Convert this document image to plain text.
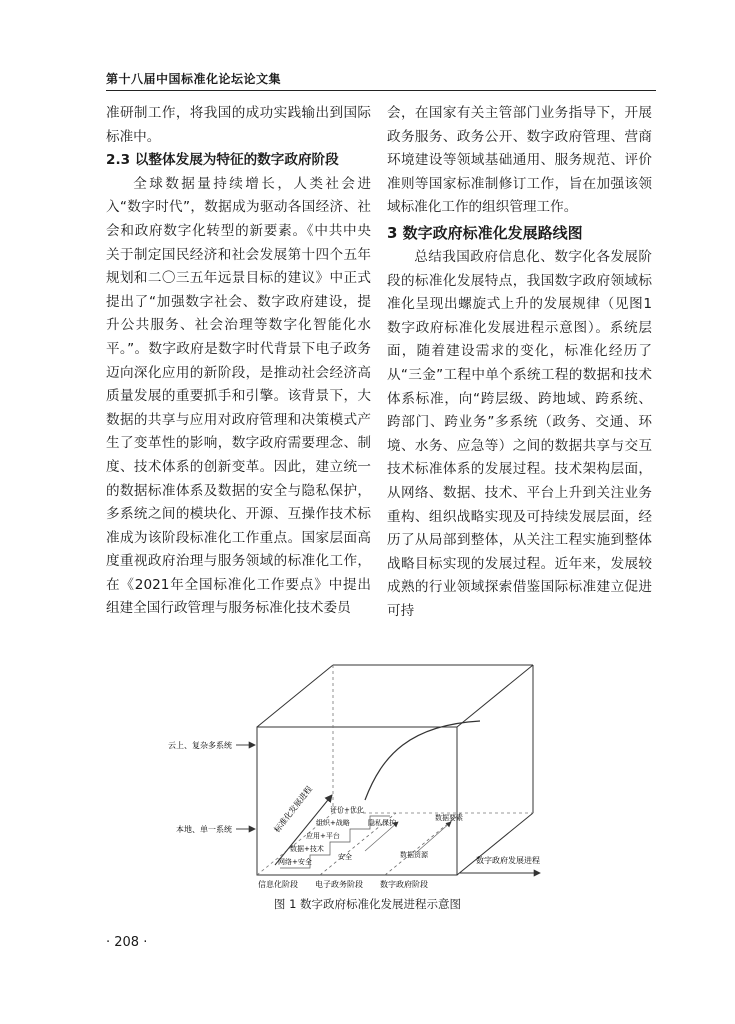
第十八届中国标准化论坛论文集

准研制工作，将我国的成功实践输出到国际标准中。

2.3 以整体发展为特征的数字政府阶段

全球数据量持续增长，人类社会进入“数字时代”，数据成为驱动各国经济、社会和政府数字化转型的新要素。《中共中央关于制定国民经济和社会发展第十四个五年规划和二〇三五年远景目标的建议》中正式提出了“加强数字社会、数字政府建设，提升公共服务、社会治理等数字化智能化水平。”。数字政府是数字时代背景下电子政务迈向深化应用的新阶段，是推动社会经济高质量发展的重要抓手和引擎。该背景下，大数据的共享与应用对政府管理和决策模式产生了变革性的影响，数字政府需要理念、制度、技术体系的创新变革。因此，建立统一的数据标准体系及数据的安全与隐私保护，多系统之间的模块化、开源、互操作技术标准成为该阶段标准化工作重点。国家层面高度重视政府治理与服务领域的标准化工作，在《2021年全国标准化工作要点》中提出组建全国行政管理与服务标准化技术委员

会，在国家有关主管部门业务指导下，开展政务服务、政务公开、数字政府管理、营商环境建设等领域基础通用、服务规范、评价准则等国家标准制修订工作，旨在加强该领域标准化工作的组织管理工作。

3 数字政府标准化发展路线图

总结我国政府信息化、数字化各发展阶段的标准化发展特点，我国数字政府领域标准化呈现出螺旋式上升的发展规律（见图1　数字政府标准化发展进程示意图）。系统层面，随着建设需求的变化，标准化经历了从“三金”工程中单个系统工程的数据和技术体系标准，向“跨层级、跨地域、跨系统、跨部门、跨业务”多系统（政务、交通、环境、水务、应急等）之间的数据共享与交互技术标准体系的发展过程。技术架构层面，从网络、数据、技术、平台上升到关注业务重构、组织战略实现及可持续发展层面，经历了从局部到整体，从关注工程实施到整体战略目标实现的发展过程。近年来，发展较成熟的行业领域探索借鉴国际标准建立促进可持

云上、复杂多系统
本地、单一系统	标准化发展进程
网络+安全
数据+技术
应用+平台
组织+战略
评价+优化
安全
隐私保护
数据要素
数据资源
信息化阶段 电子政务阶段 数字政府阶段
数字政府发展进程
图 1 数字政府标准化发展进程示意图
· 208 ·
